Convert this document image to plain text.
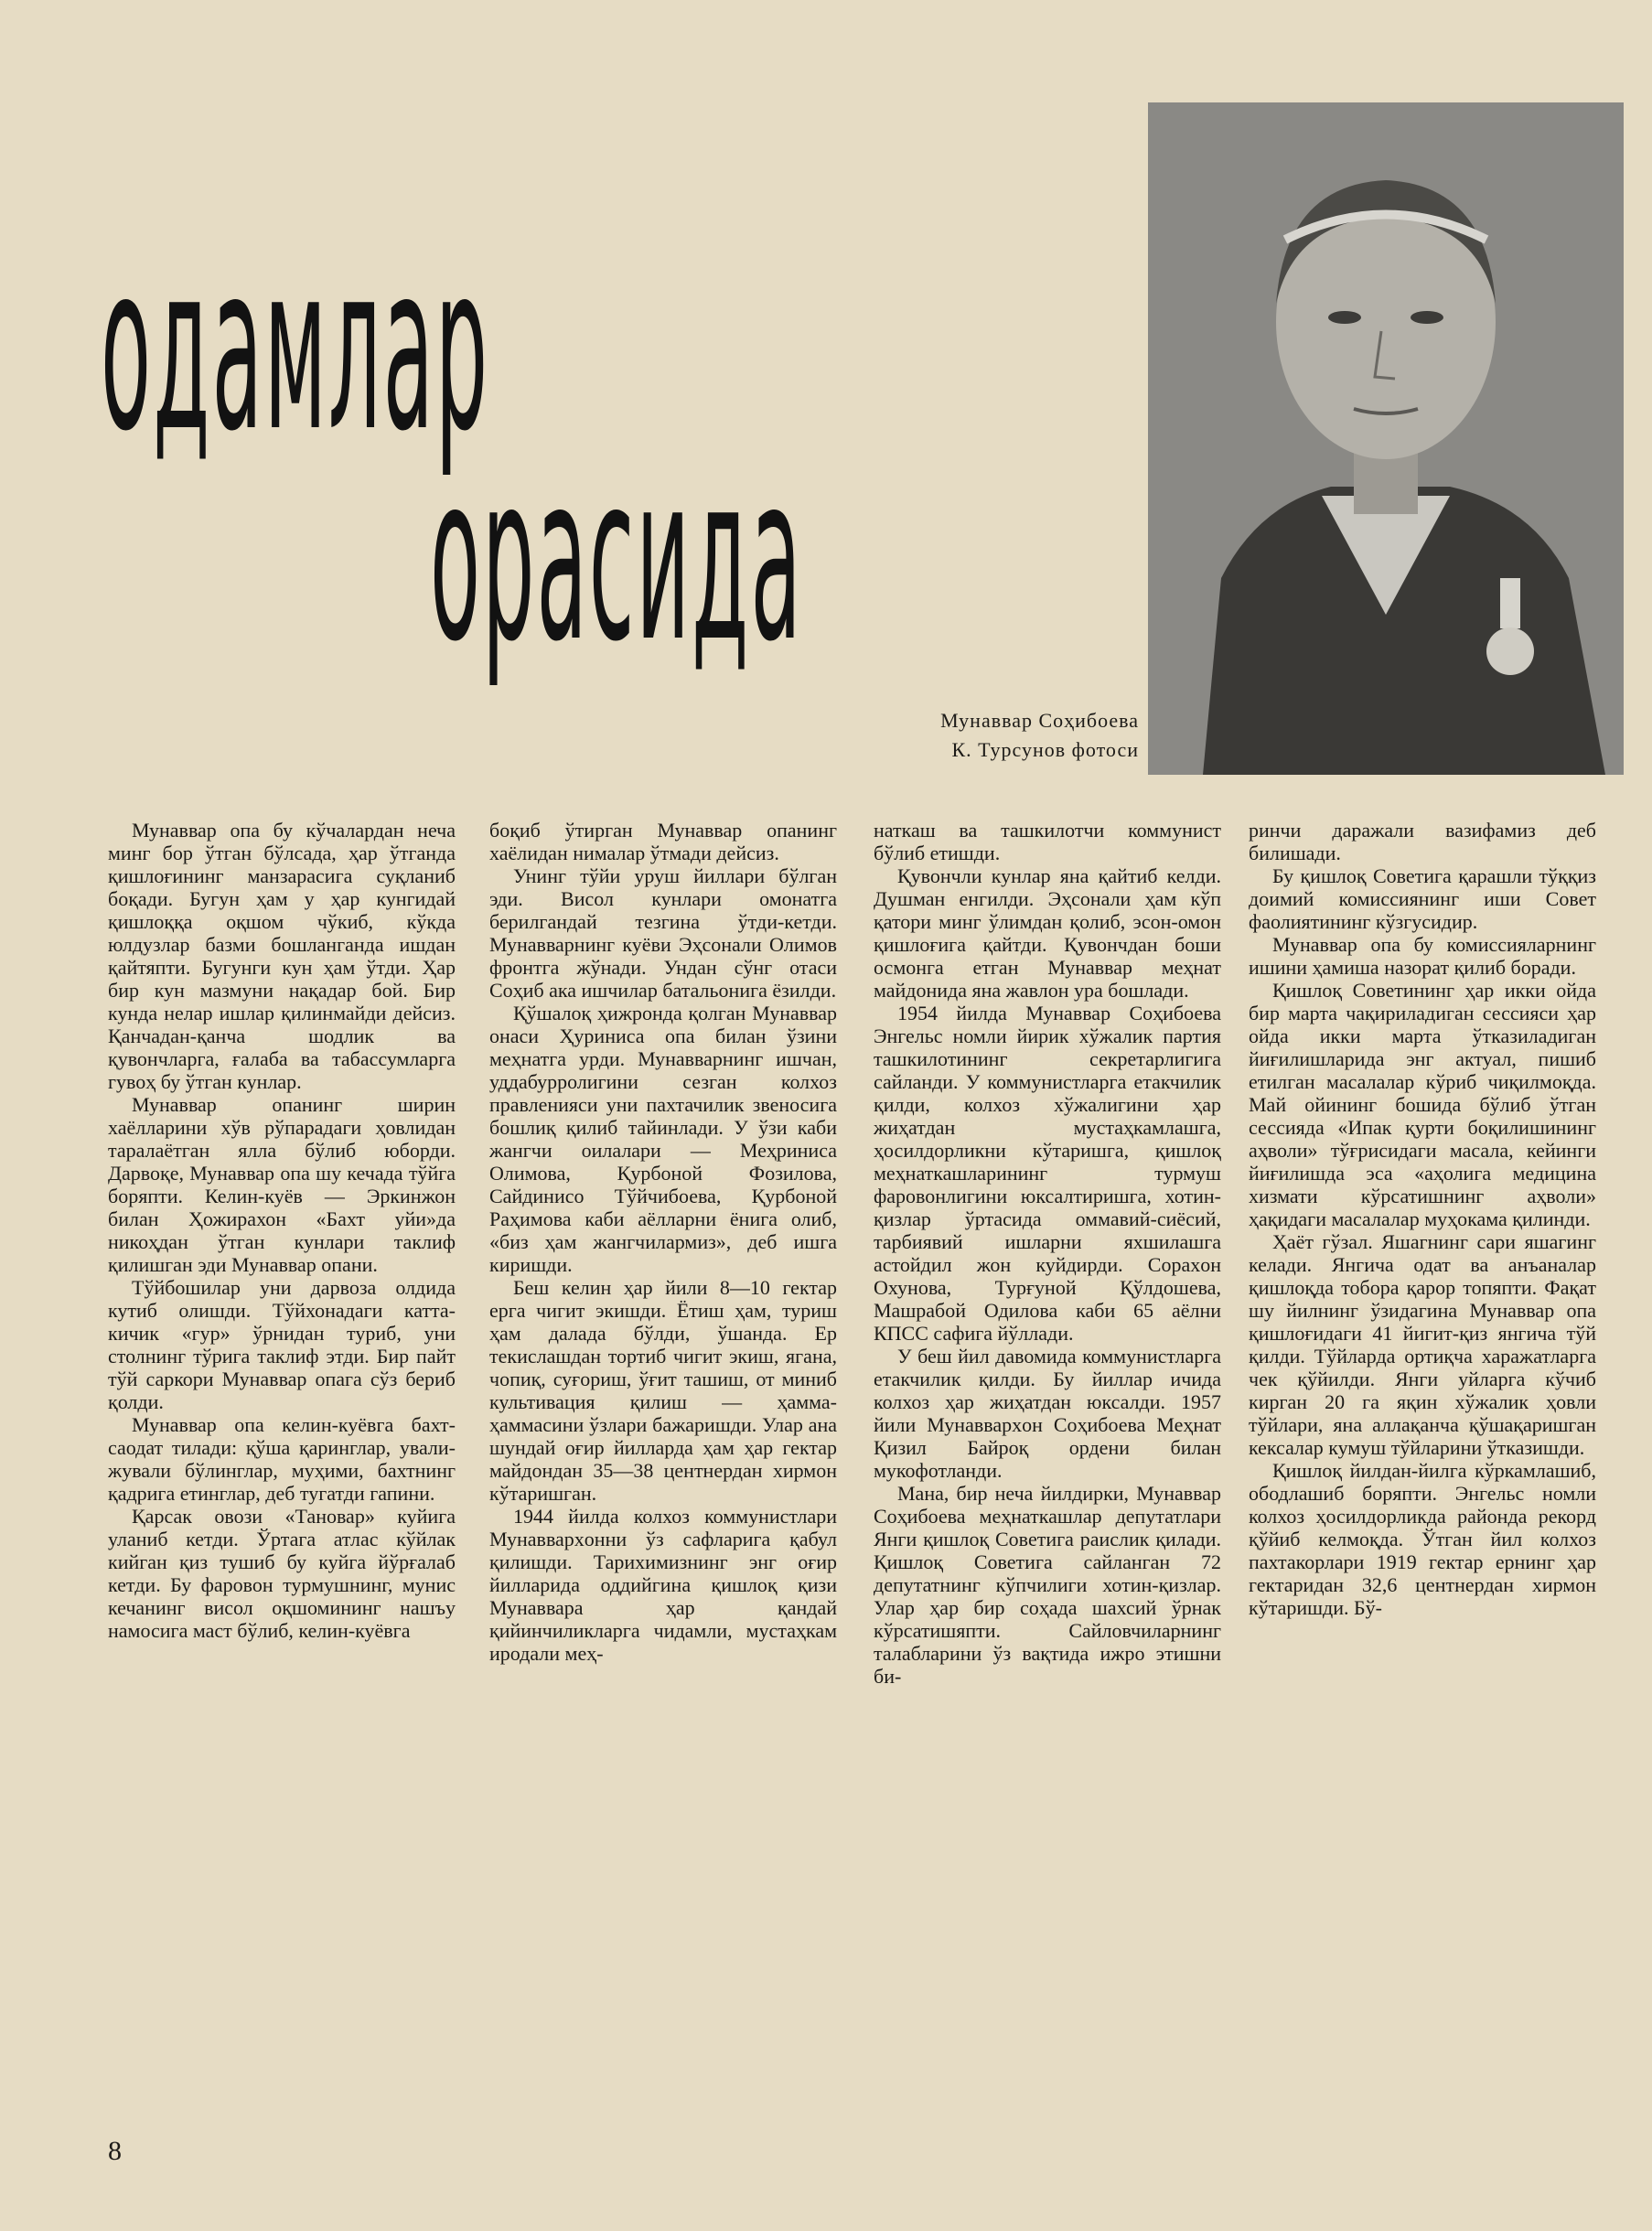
одамлар
орасида
Мунаввар Соҳибоева
К. Турсунов фотоси

Мунаввар опа бу кўчалардан неча минг бор ўтган бўлсада, ҳар ўтганда қишлоғининг манзарасига суқланиб боқади. Бугун ҳам у ҳар кунгидай қишлоққа оқшом чўкиб, кўкда юлдузлар базми бошланганда ишдан қайтяпти. Бугунги кун ҳам ўтди. Ҳар бир кун мазмуни нақадар бой. Бир кунда нелар ишлар қилинмайди дейсиз. Қанчадан-қанча шодлик ва қувончларга, ғалаба ва табассумларга гувоҳ бу ўтган кунлар.

Мунаввар опанинг ширин хаёлларини хўв рўпарадаги ҳовлидан таралаётган ялла бўлиб юборди. Дарвоқе, Мунаввар опа шу кечада тўйга боряпти. Келин-куёв — Эркинжон билан Ҳожирахон «Бахт уйи»да никоҳдан ўтган кунлари таклиф қилишган эди Мунаввар опани.

Тўйбошилар уни дарвоза олдида кутиб олишди. Тўйхонадаги катта-кичик «гур» ўрнидан туриб, уни столнинг тўрига таклиф этди. Бир пайт тўй саркори Мунаввар опага сўз бериб қолди.

Мунаввар опа келин-куёвга бахт-саодат тилади: қўша қаринглар, ували-жували бўлинглар, муҳими, бахтнинг қадрига етинглар, деб тугатди гапини.

Қарсак овози «Тановар» куйига уланиб кетди. Ўртага атлас кўйлак кийган қиз тушиб бу куйга йўрғалаб кетди. Бу фаровон турмушнинг, мунис кечанинг висол оқшомининг нашъу намосига маст бўлиб, келин-куёвга

боқиб ўтирган Мунаввар опанинг хаёлидан нималар ўтмади дейсиз.

Унинг тўйи уруш йиллари бўлган эди. Висол кунлари омонатга берилгандай тезгина ўтди-кетди. Мунавварнинг куёви Эҳсонали Олимов фронтга жўнади. Ундан сўнг отаси Соҳиб ака ишчилар батальонига ёзилди.

Қўшалоқ ҳижронда қолган Мунаввар онаси Ҳуриниса опа билан ўзини меҳнатга урди. Мунавварнинг ишчан, уддабурролигини сезган колхоз правленияси уни пахтачилик звеносига бошлиқ қилиб тайинлади. У ўзи каби жангчи оилалари — Меҳриниса Олимова, Қурбоной Фозилова, Сайдинисо Тўйчибоева, Қурбоной Раҳимова каби аёлларни ёнига олиб, «биз ҳам жангчилармиз», деб ишга киришди.

Беш келин ҳар йили 8—10 гектар ерга чигит экишди. Ётиш ҳам, туриш ҳам далада бўлди, ўшанда. Ер текислашдан тортиб чигит экиш, ягана, чопиқ, суғориш, ўғит ташиш, от миниб культивация қилиш — ҳамма-ҳаммасини ўзлари бажаришди. Улар ана шундай оғир йилларда ҳам ҳар гектар майдондан 35—38 центнердан хирмон кўтаришган.

1944 йилда колхоз коммунистлари Мунавварxонни ўз сафларига қабул қилишди. Тарихимизнинг энг оғир йилларида оддийгина қишлоқ қизи Мунаввара ҳар қандай қийинчиликларга чидамли, мустаҳкам иродали меҳ-

наткаш ва ташкилотчи коммунист бўлиб етишди.

Қувончли кунлар яна қайтиб келди. Душман енгилди. Эҳсонали ҳам кўп қатори минг ўлимдан қолиб, эсон-омон қишлоғига қайтди. Қувончдан боши осмонга етган Мунаввар меҳнат майдонида яна жавлон ура бошлади.

1954 йилда Мунаввар Соҳибоева Энгельс номли йирик хўжалик партия ташкилотининг секретарлигига сайланди. У коммунистларга етакчилик қилди, колхоз хўжалигини ҳар жиҳатдан мустаҳкамлашга, ҳосилдорликни кўтаришга, қишлоқ меҳнаткашларининг турмуш фаровонлигини юксалтиришга, хотин-қизлар ўртасида оммавий-сиёсий, тарбиявий ишларни яхшилашга астойдил жон куйдирди. Сораxон Охунова, Турғуной Қўлдошева, Машрабой Одилова каби 65 аёлни КПСС сафига йўллади.

У беш йил давомида коммунистларга етакчилик қилди. Бу йиллар ичида колхоз ҳар жиҳатдан юксалди. 1957 йили Мунавварxон Соҳибоева Меҳнат Қизил Байроқ ордени билан мукофотланди.

Мана, бир неча йилдирки, Мунаввар Соҳибоева меҳнаткашлар депутатлари Янги қишлоқ Советига раислик қилади. Қишлоқ Советига сайланган 72 депутатнинг кўпчилиги хотин-қизлар. Улар ҳар бир соҳада шахсий ўрнак кўрсатишяпти. Сайловчиларнинг талабларини ўз вақтида ижро этишни би-

ринчи даражали вазифамиз деб билишади.

Бу қишлоқ Советига қарашли тўққиз доимий комиссиянинг иши Совет фаолиятининг кўзгусидир.

Мунаввар опа бу комиссияларнинг ишини ҳамиша назорат қилиб боради.

Қишлоқ Советининг ҳар икки ойда бир марта чақириладиган сессияси ҳар ойда икки марта ўтказиладиган йиғилишларида энг актуал, пишиб етилган масалалар кўриб чиқилмоқда. Май ойининг бошида бўлиб ўтган сессияда «Ипак қурти боқилишининг аҳволи» тўғрисидаги масала, кейинги йиғилишда эса «аҳолига медицина хизмати кўрсатишнинг аҳволи» ҳақидаги масалалар муҳокама қилинди.

Ҳаёт гўзал. Яшагнинг сари яшагинг келади. Янгича одат ва анъаналар қишлоқда тобора қарор топяпти. Фақат шу йилнинг ўзидагина Мунаввар опа қишлоғидаги 41 йигит-қиз янгича тўй қилди. Тўйларда ортиқча харажатларга чек қўйилди. Янги уйларга кўчиб кирган 20 га яқин хўжалик ҳовли тўйлари, яна аллақанча қўшақаришган кексалар кумуш тўйларини ўтказишди.

Қишлоқ йилдан-йилга кўркамлашиб, ободлашиб боряпти. Энгельс номли колхоз ҳосилдорликда районда рекорд қўйиб келмоқда. Ўтган йил колхоз пахтакорлари 1919 гектар ернинг ҳар гектаридан 32,6 центнердан хирмон кўтаришди. Бў-

8
